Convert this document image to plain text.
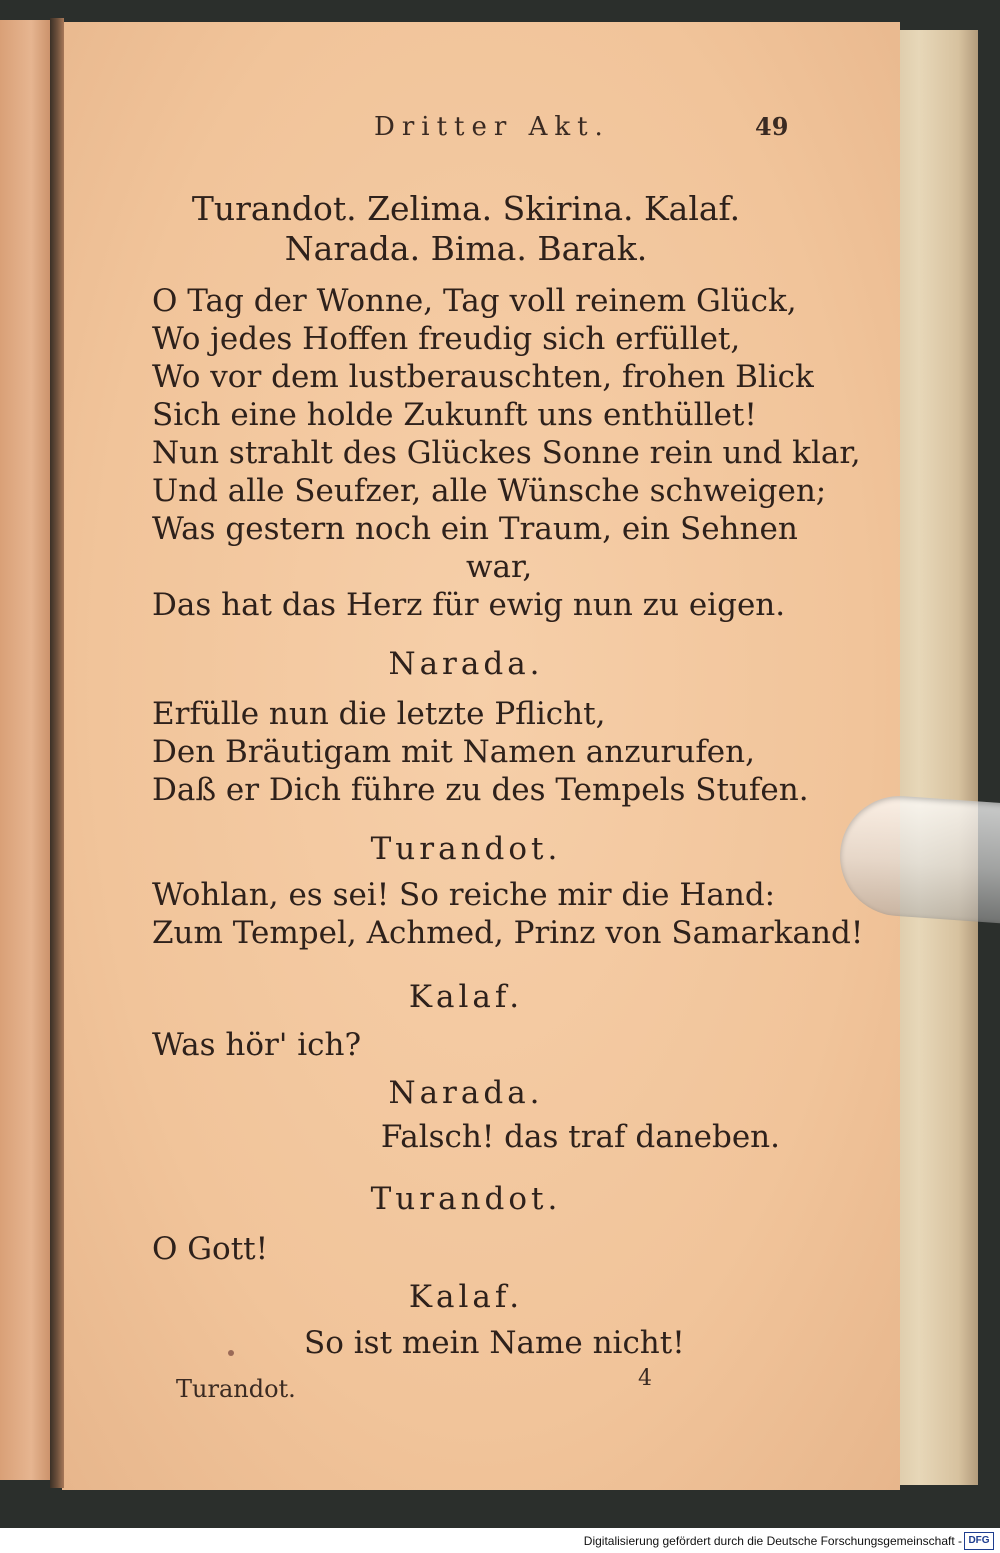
Dritter Akt.	49
Turandot. Zelima. Skirina. Kalaf.
Narada. Bima. Barak.
O Tag der Wonne, Tag voll reinem Glück,
Wo jedes Hoffen freudig sich erfüllet,
Wo vor dem lustberauschten, frohen Blick
Sich eine holde Zukunft uns enthüllet!
Nun strahlt des Glückes Sonne rein und klar,
Und alle Seufzer, alle Wünsche schweigen;
Was gestern noch ein Traum, ein Sehnen
war,
Das hat das Herz für ewig nun zu eigen.
Narada.
Erfülle nun die letzte Pflicht,
Den Bräutigam mit Namen anzurufen,
Daß er Dich führe zu des Tempels Stufen.
Turandot.
Wohlan, es sei! So reiche mir die Hand:
Zum Tempel, Achmed, Prinz von Samarkand!
Kalaf.
Was hör' ich?
Narada.
Falsch! das traf daneben.
Turandot.
O Gott!
Kalaf.
So ist mein Name nicht!
Turandot.	4
Digitalisierung gefördert durch die Deutsche Forschungsgemeinschaft - DFG
